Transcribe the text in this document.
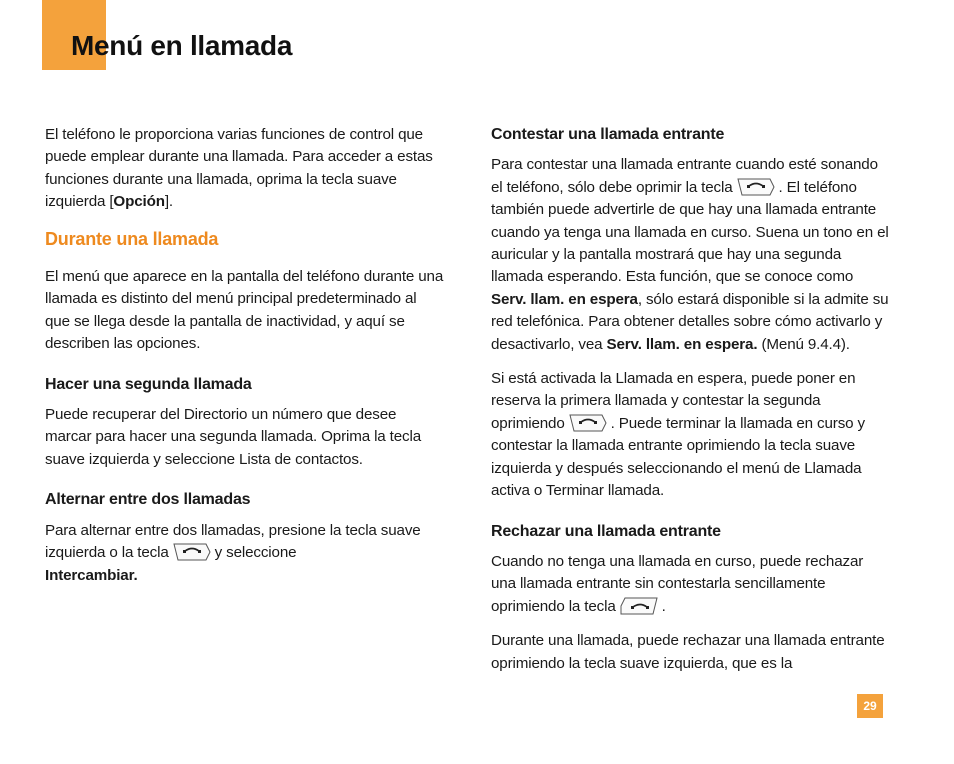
Menú en llamada

El teléfono le proporciona varias funciones de control que puede emplear durante una llamada. Para acceder a estas funciones durante una llamada, oprima la tecla suave izquierda [Opción].

Durante una llamada

El menú que aparece en la pantalla del teléfono durante una llamada es distinto del menú principal predeterminado al que se llega desde la pantalla de inactividad, y aquí se describen las opciones.

Hacer una segunda llamada

Puede recuperar del Directorio un número que desee marcar para hacer una segunda llamada. Oprima la tecla suave izquierda y seleccione Lista de contactos.

Alternar entre dos llamadas

Para alternar entre dos llamadas, presione la tecla suave izquierda o la tecla	y seleccione
Intercambiar.

Contestar una llamada entrante

Para contestar una llamada entrante cuando esté sonando el teléfono, sólo debe oprimir la tecla	. El teléfono también puede advertirle de que hay una llamada entrante cuando ya tenga una llamada en curso. Suena un tono en el auricular y la pantalla mostrará que hay una segunda llamada esperando. Esta función, que se conoce como Serv. llam. en espera, sólo estará disponible si la admite su red telefónica. Para obtener detalles sobre cómo activarlo y desactivarlo, vea Serv. llam. en espera. (Menú 9.4.4).

Si está activada la Llamada en espera, puede poner en reserva la primera llamada y contestar la segunda oprimiendo	. Puede terminar la llamada en curso y contestar la llamada entrante oprimiendo la tecla suave izquierda y después seleccionando el menú de Llamada activa o Terminar llamada.

Rechazar una llamada entrante

Cuando no tenga una llamada en curso, puede rechazar una llamada entrante sin contestarla sencillamente oprimiendo la tecla	.

Durante una llamada, puede rechazar una llamada entrante oprimiendo la tecla suave izquierda, que es la

29
